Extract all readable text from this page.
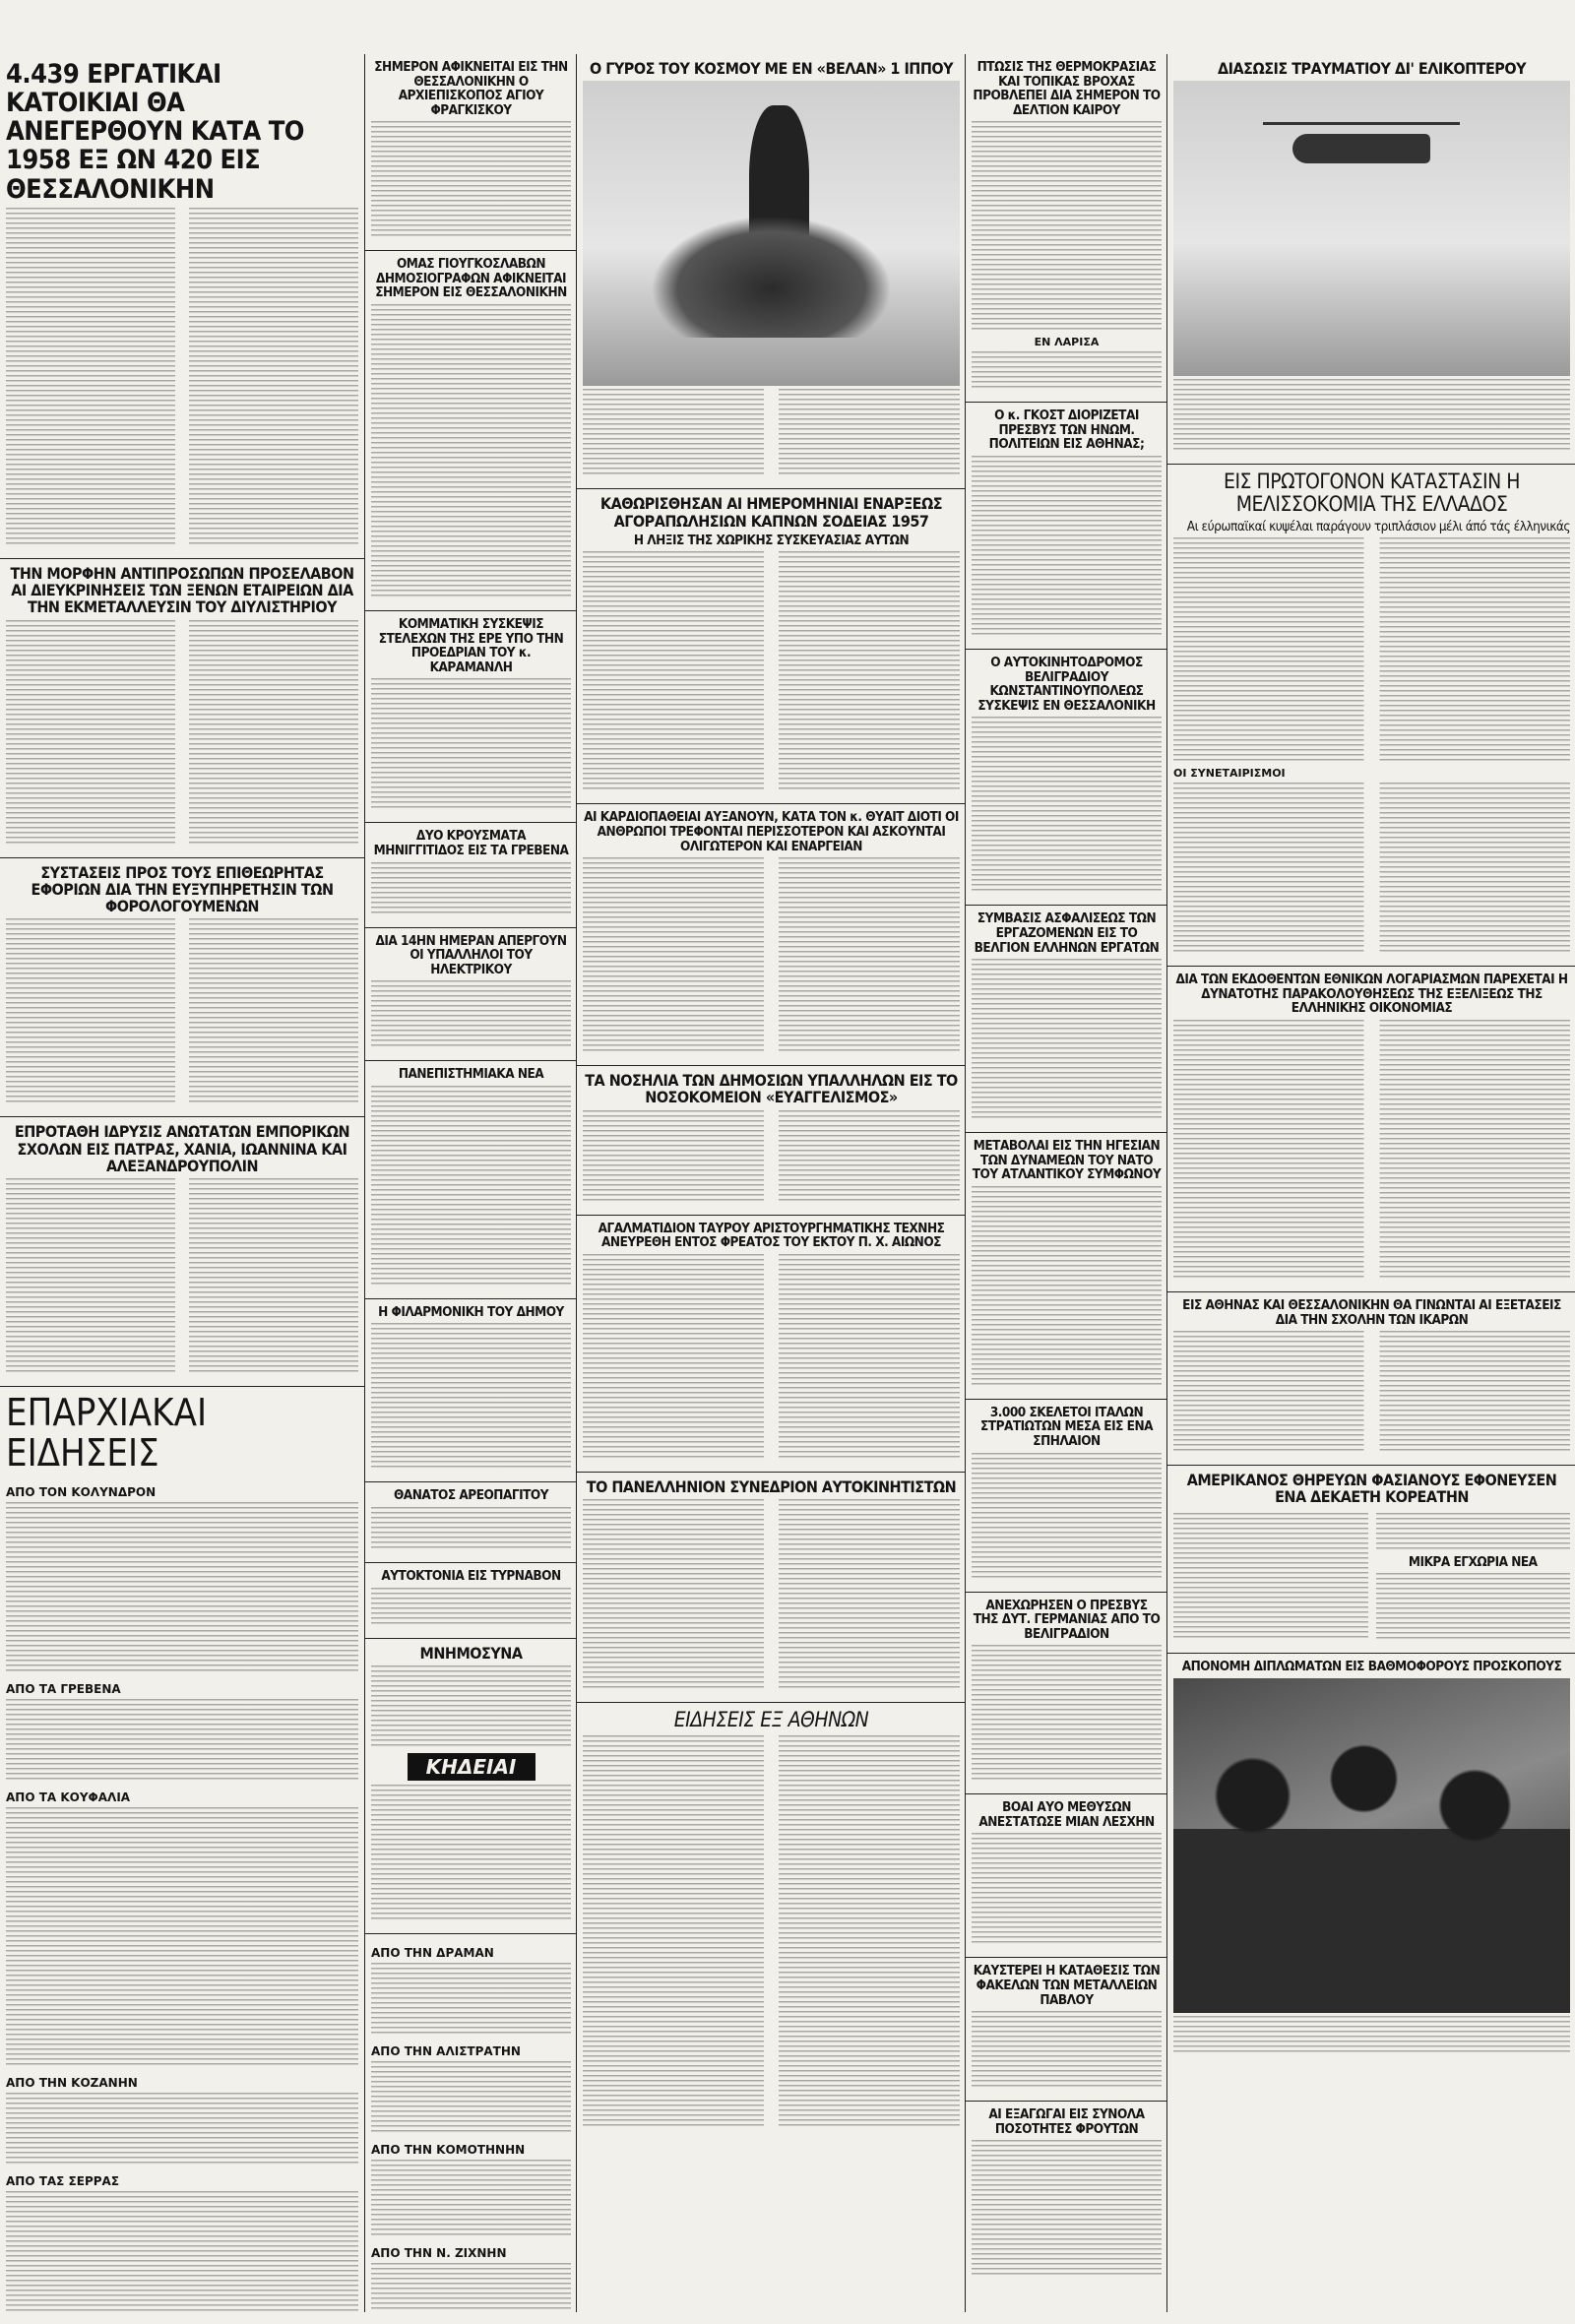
4.439 ΕΡΓΑΤΙΚΑΙ ΚΑΤΟΙΚΙΑΙ ΘΑ ΑΝΕΓΕΡΘΟΥΝ ΚΑΤΑ ΤΟ 1958 ΕΞ ΩΝ 420 ΕΙΣ ΘΕΣΣΑΛΟΝΙΚΗΝ
ΤΗΝ ΜΟΡΦΗΝ ΑΝΤΙΠΡΟΣΩΠΩΝ ΠΡΟΣΕΛΑΒΟΝ ΑΙ ΔΙΕΥΚΡΙΝΗΣΕΙΣ ΤΩΝ ΞΕΝΩΝ ΕΤΑΙΡΕΙΩΝ ΔΙΑ ΤΗΝ ΕΚΜΕΤΑΛΛΕΥΣΙΝ ΤΟΥ ΔΙΥΛΙΣΤΗΡΙΟΥ
ΣΥΣΤΑΣΕΙΣ ΠΡΟΣ ΤΟΥΣ ΕΠΙΘΕΩΡΗΤΑΣ ΕΦΟΡΙΩΝ ΔΙΑ ΤΗΝ ΕΥΞΥΠΗΡΕΤΗΣΙΝ ΤΩΝ ΦΟΡΟΛΟΓΟΥΜΕΝΩΝ
ΕΠΡΟΤΑΘΗ ΙΔΡΥΣΙΣ ΑΝΩΤΑΤΩΝ ΕΜΠΟΡΙΚΩΝ ΣΧΟΛΩΝ ΕΙΣ ΠΑΤΡΑΣ, ΧΑΝΙΑ, ΙΩΑΝΝΙΝΑ ΚΑΙ ΑΛΕΞΑΝΔΡΟΥΠΟΛΙΝ
ΕΠΑΡΧΙΑΚΑΙ ΕΙΔΗΣΕΙΣ
ΑΠΟ ΤΟΝ ΚΟΛΥΝΔΡΟΝ
ΑΠΟ ΤΑ ΓΡΕΒΕΝΑ
ΑΠΟ ΤΑ ΚΟΥΦΑΛΙΑ
ΑΠΟ ΤΗΝ ΚΟΖΑΝΗΝ
ΑΠΟ ΤΑΣ ΣΕΡΡΑΣ
ΣΗΜΕΡΟΝ ΑΦΙΚΝΕΙΤΑΙ ΕΙΣ ΤΗΝ ΘΕΣΣΑΛΟΝΙΚΗΝ Ο ΑΡΧΙΕΠΙΣΚΟΠΟΣ ΑΓΙΟΥ ΦΡΑΓΚΙΣΚΟΥ
ΟΜΑΣ ΓΙΟΥΓΚΟΣΛΑΒΩΝ ΔΗΜΟΣΙΟΓΡΑΦΩΝ ΑΦΙΚΝΕΙΤΑΙ ΣΗΜΕΡΟΝ ΕΙΣ ΘΕΣΣΑΛΟΝΙΚΗΝ
ΚΟΜΜΑΤΙΚΗ ΣΥΣΚΕΨΙΣ ΣΤΕΛΕΧΩΝ ΤΗΣ ΕΡΕ ΥΠΟ ΤΗΝ ΠΡΟΕΔΡΙΑΝ ΤΟΥ κ. ΚΑΡΑΜΑΝΛΗ
ΔΥΟ ΚΡΟΥΣΜΑΤΑ ΜΗΝΙΓΓΙΤΙΔΟΣ ΕΙΣ ΤΑ ΓΡΕΒΕΝΑ
ΔΙΑ 14ΗΝ ΗΜΕΡΑΝ ΑΠΕΡΓΟΥΝ ΟΙ ΥΠΑΛΛΗΛΟΙ ΤΟΥ ΗΛΕΚΤΡΙΚΟΥ
ΠΑΝΕΠΙΣΤΗΜΙΑΚΑ ΝΕΑ
Η ΦΙΛΑΡΜΟΝΙΚΗ ΤΟΥ ΔΗΜΟΥ
ΘΑΝΑΤΟΣ ΑΡΕΟΠΑΓΙΤΟΥ
ΑΥΤΟΚΤΟΝΙΑ ΕΙΣ ΤΥΡΝΑΒΟΝ
ΜΝΗΜΟΣΥΝΑ
ΚΗΔΕΙΑΙ
ΑΠΟ ΤΗΝ ΔΡΑΜΑΝ
ΑΠΟ ΤΗΝ ΑΛΙΣΤΡΑΤΗΝ
ΑΠΟ ΤΗΝ ΚΟΜΟΤΗΝΗΝ
ΑΠΟ ΤΗΝ Ν. ΖΙΧΝΗΝ
Ο ΓΥΡΟΣ ΤΟΥ ΚΟΣΜΟΥ ΜΕ ΕΝ «ΒΕΛΑΝ» 1 ΙΠΠΟΥ
ΚΑΘΩΡΙΣΘΗΣΑΝ ΑΙ ΗΜΕΡΟΜΗΝΙΑΙ ΕΝΑΡΞΕΩΣ ΑΓΟΡΑΠΩΛΗΣΙΩΝ ΚΑΠΝΩΝ ΣΟΔΕΙΑΣ 1957
Η ΛΗΞΙΣ ΤΗΣ ΧΩΡΙΚΗΣ ΣΥΣΚΕΥΑΣΙΑΣ ΑΥΤΩΝ
ΑΙ ΚΑΡΔΙΟΠΑΘΕΙΑΙ ΑΥΞΑΝΟΥΝ, ΚΑΤΑ ΤΟΝ κ. ΘΥΑΙΤ ΔΙΟΤΙ ΟΙ ΑΝΘΡΩΠΟΙ ΤΡΕΦΟΝΤΑΙ ΠΕΡΙΣΣΟΤΕΡΟΝ ΚΑΙ ΑΣΚΟΥΝΤΑΙ ΟΛΙΓΩΤΕΡΟΝ ΚΑΙ ΕΝΑΡΓΕΙΑΝ
ΤΑ ΝΟΣΗΛΙΑ ΤΩΝ ΔΗΜΟΣΙΩΝ ΥΠΑΛΛΗΛΩΝ ΕΙΣ ΤΟ ΝΟΣΟΚΟΜΕΙΟΝ «ΕΥΑΓΓΕΛΙΣΜΟΣ»
ΑΓΑΛΜΑΤΙΔΙΟΝ ΤΑΥΡΟΥ ΑΡΙΣΤΟΥΡΓΗΜΑΤΙΚΗΣ ΤΕΧΝΗΣ ΑΝΕΥΡΕΘΗ ΕΝΤΟΣ ΦΡΕΑΤΟΣ ΤΟΥ ΕΚΤΟΥ Π. Χ. ΑΙΩΝΟΣ
ΤΟ ΠΑΝΕΛΛΗΝΙΟΝ ΣΥΝΕΔΡΙΟΝ ΑΥΤΟΚΙΝΗΤΙΣΤΩΝ
ΕΙΔΗΣΕΙΣ ΕΞ ΑΘΗΝΩΝ
ΠΤΩΣΙΣ ΤΗΣ ΘΕΡΜΟΚΡΑΣΙΑΣ ΚΑΙ ΤΟΠΙΚΑΣ ΒΡΟΧΑΣ ΠΡΟΒΛΕΠΕΙ ΔΙΑ ΣΗΜΕΡΟΝ ΤΟ ΔΕΛΤΙΟΝ ΚΑΙΡΟΥ
ΕΝ ΛΑΡΙΣΑ
Ο κ. ΓΚΟΣΤ ΔΙΟΡΙΖΕΤΑΙ ΠΡΕΣΒΥΣ ΤΩΝ ΗΝΩΜ. ΠΟΛΙΤΕΙΩΝ ΕΙΣ ΑΘΗΝΑΣ;
Ο ΑΥΤΟΚΙΝΗΤΟΔΡΟΜΟΣ ΒΕΛΙΓΡΑΔΙΟΥ ΚΩΝΣΤΑΝΤΙΝΟΥΠΟΛΕΩΣ ΣΥΣΚΕΨΙΣ ΕΝ ΘΕΣΣΑΛΟΝΙΚΗ
ΣΥΜΒΑΣΙΣ ΑΣΦΑΛΙΣΕΩΣ ΤΩΝ ΕΡΓΑΖΟΜΕΝΩΝ ΕΙΣ ΤΟ ΒΕΛΓΙΟΝ ΕΛΛΗΝΩΝ ΕΡΓΑΤΩΝ
ΜΕΤΑΒΟΛΑΙ ΕΙΣ ΤΗΝ ΗΓΕΣΙΑΝ ΤΩΝ ΔΥΝΑΜΕΩΝ ΤΟΥ ΝΑΤΟ ΤΟΥ ΑΤΛΑΝΤΙΚΟΥ ΣΥΜΦΩΝΟΥ
3.000 ΣΚΕΛΕΤΟΙ ΙΤΑΛΩΝ ΣΤΡΑΤΙΩΤΩΝ ΜΕΣΑ ΕΙΣ ΕΝΑ ΣΠΗΛΑΙΟΝ
ΑΝΕΧΩΡΗΣΕΝ Ο ΠΡΕΣΒΥΣ ΤΗΣ ΔΥΤ. ΓΕΡΜΑΝΙΑΣ ΑΠΟ ΤΟ ΒΕΛΙΓΡΑΔΙΟΝ
ΒΟΑΙ ΑΥΟ ΜΕΘΥΣΩΝ ΑΝΕΣΤΑΤΩΣΕ ΜΙΑΝ ΛΕΣΧΗΝ
ΚΑΥΣΤΕΡΕΙ Η ΚΑΤΑΘΕΣΙΣ ΤΩΝ ΦΑΚΕΛΩΝ ΤΩΝ ΜΕΤΑΛΛΕΙΩΝ ΠΑΒΛΟΥ
ΑΙ ΕΞΑΓΩΓΑΙ ΕΙΣ ΣΥΝΟΛΑ ΠΟΣΟΤΗΤΕΣ ΦΡΟΥΤΩΝ
ΔΙΑΣΩΣΙΣ ΤΡΑΥΜΑΤΙΟΥ ΔΙ' ΕΛΙΚΟΠΤΕΡΟΥ
ΕΙΣ ΠΡΩΤΟΓΟΝΟΝ ΚΑΤΑΣΤΑΣΙΝ Η ΜΕΛΙΣΣΟΚΟΜΙΑ ΤΗΣ ΕΛΛΑΔΟΣ
Αι εύρωπαϊκαί κυψέλαι παράγουν τριπλάσιον μέλι άπό τάς έλληνικάς
ΟΙ ΣΥΝΕΤΑΙΡΙΣΜΟΙ
ΔΙΑ ΤΩΝ ΕΚΔΟΘΕΝΤΩΝ ΕΘΝΙΚΩΝ ΛΟΓΑΡΙΑΣΜΩΝ ΠΑΡΕΧΕΤΑΙ Η ΔΥΝΑΤΟΤΗΣ ΠΑΡΑΚΟΛΟΥΘΗΣΕΩΣ ΤΗΣ ΕΞΕΛΙΞΕΩΣ ΤΗΣ ΕΛΛΗΝΙΚΗΣ ΟΙΚΟΝΟΜΙΑΣ
ΕΙΣ ΑΘΗΝΑΣ ΚΑΙ ΘΕΣΣΑΛΟΝΙΚΗΝ ΘΑ ΓΙΝΩΝΤΑΙ ΑΙ ΕΞΕΤΑΣΕΙΣ ΔΙΑ ΤΗΝ ΣΧΟΛΗΝ ΤΩΝ ΙΚΑΡΩΝ
ΑΜΕΡΙΚΑΝΟΣ ΘΗΡΕΥΩΝ ΦΑΣΙΑΝΟΥΣ ΕΦΟΝΕΥΣΕΝ ΕΝΑ ΔΕΚΑΕΤΗ ΚΟΡΕΑΤΗΝ
ΜΙΚΡΑ ΕΓΧΩΡΙΑ ΝΕΑ
ΑΠΟΝΟΜΗ ΔΙΠΛΩΜΑΤΩΝ ΕΙΣ ΒΑΘΜΟΦΟΡΟΥΣ ΠΡΟΣΚΟΠΟΥΣ
